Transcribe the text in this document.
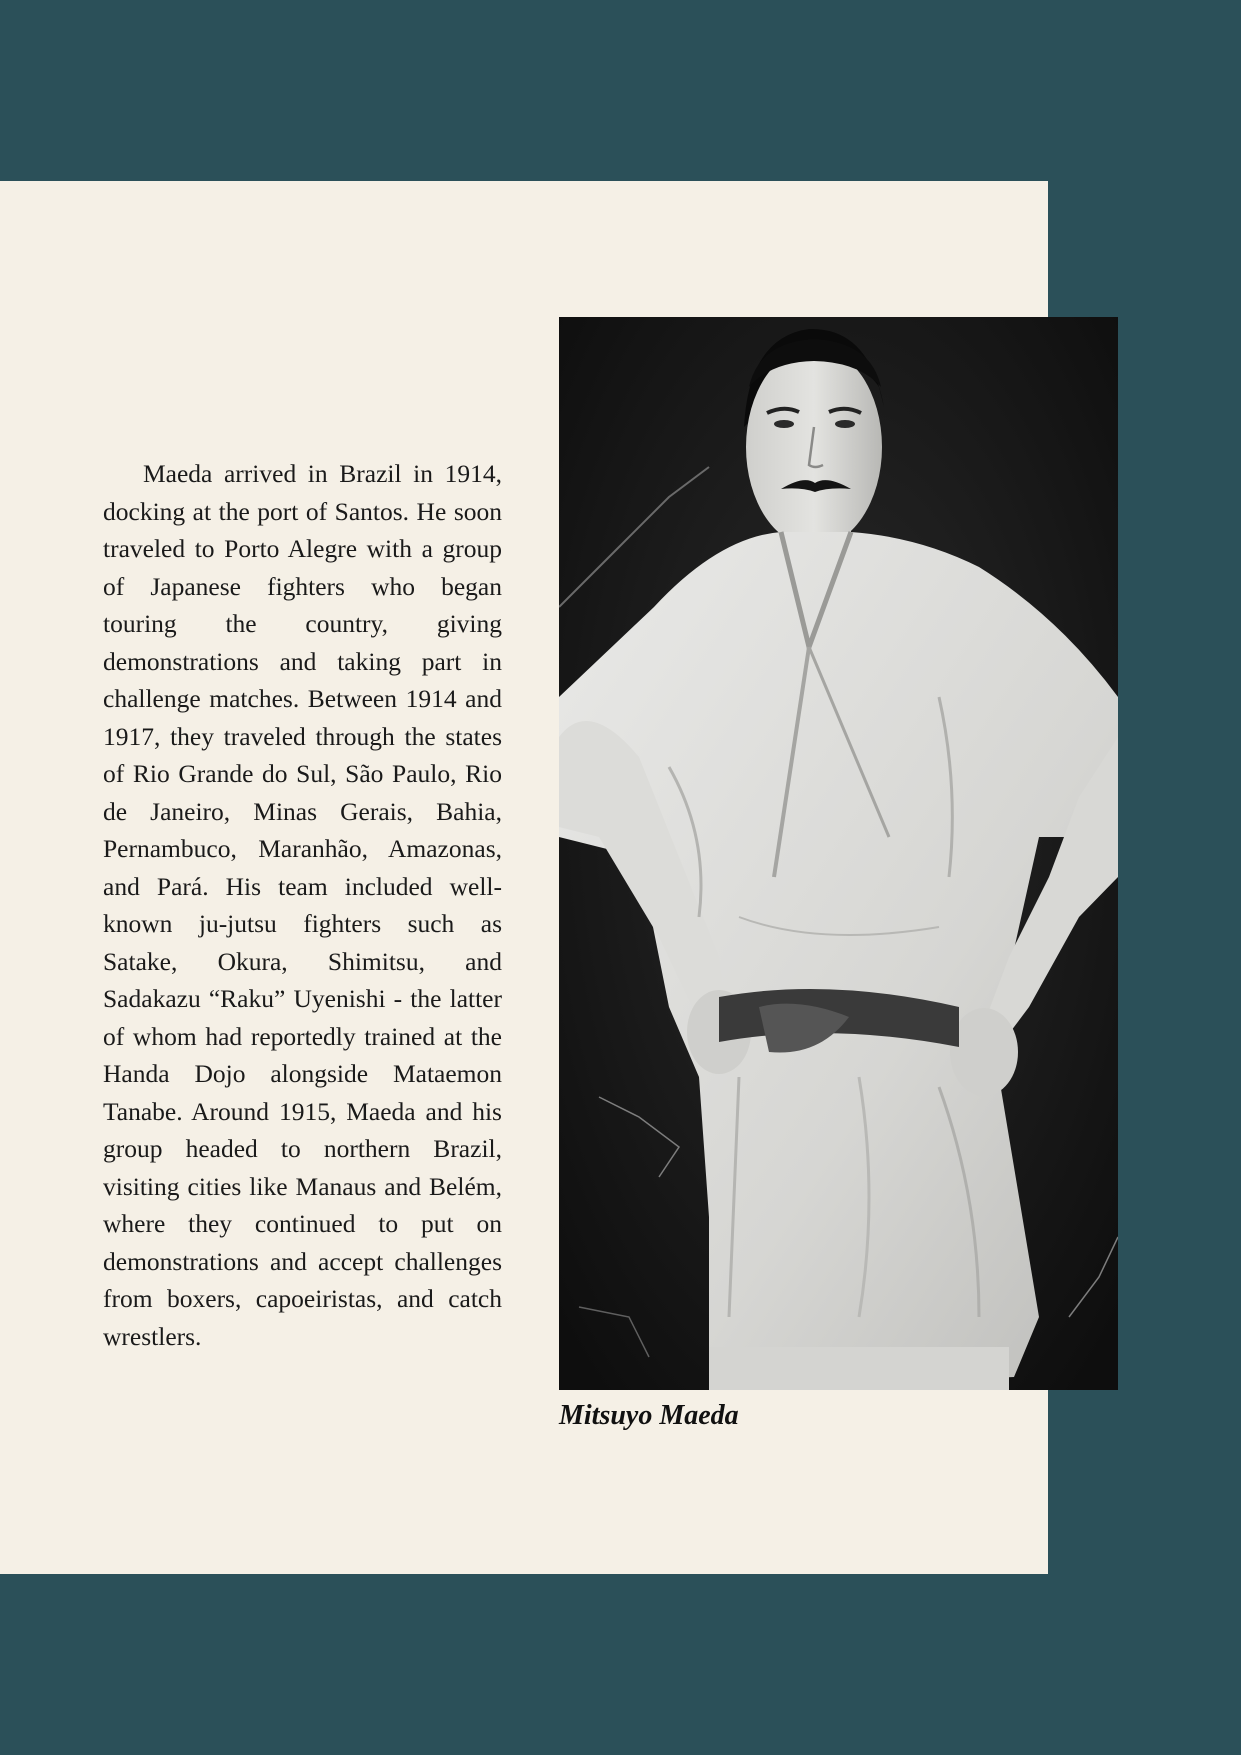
Maeda arrived in Brazil in 1914, docking at the port of Santos. He soon traveled to Porto Alegre with a group of Japanese fighters who began touring the country, giving demonstrations and taking part in challenge matches. Between 1914 and 1917, they traveled through the states of Rio Grande do Sul, São Paulo, Rio de Janeiro, Minas Gerais, Bahia, Pernambuco, Maranhão, Amazonas, and Pará. His team included well-known ju-jutsu fighters such as Satake, Okura, Shimitsu, and Sadakazu “Raku” Uyenishi - the latter of whom had reportedly trained at the Handa Dojo alongside Mataemon Tanabe. Around 1915, Maeda and his group headed to northern Brazil, visiting cities like Manaus and Belém, where they continued to put on demonstrations and accept challenges from boxers, capoeiristas, and catch wrestlers.

Mitsuyo Maeda
